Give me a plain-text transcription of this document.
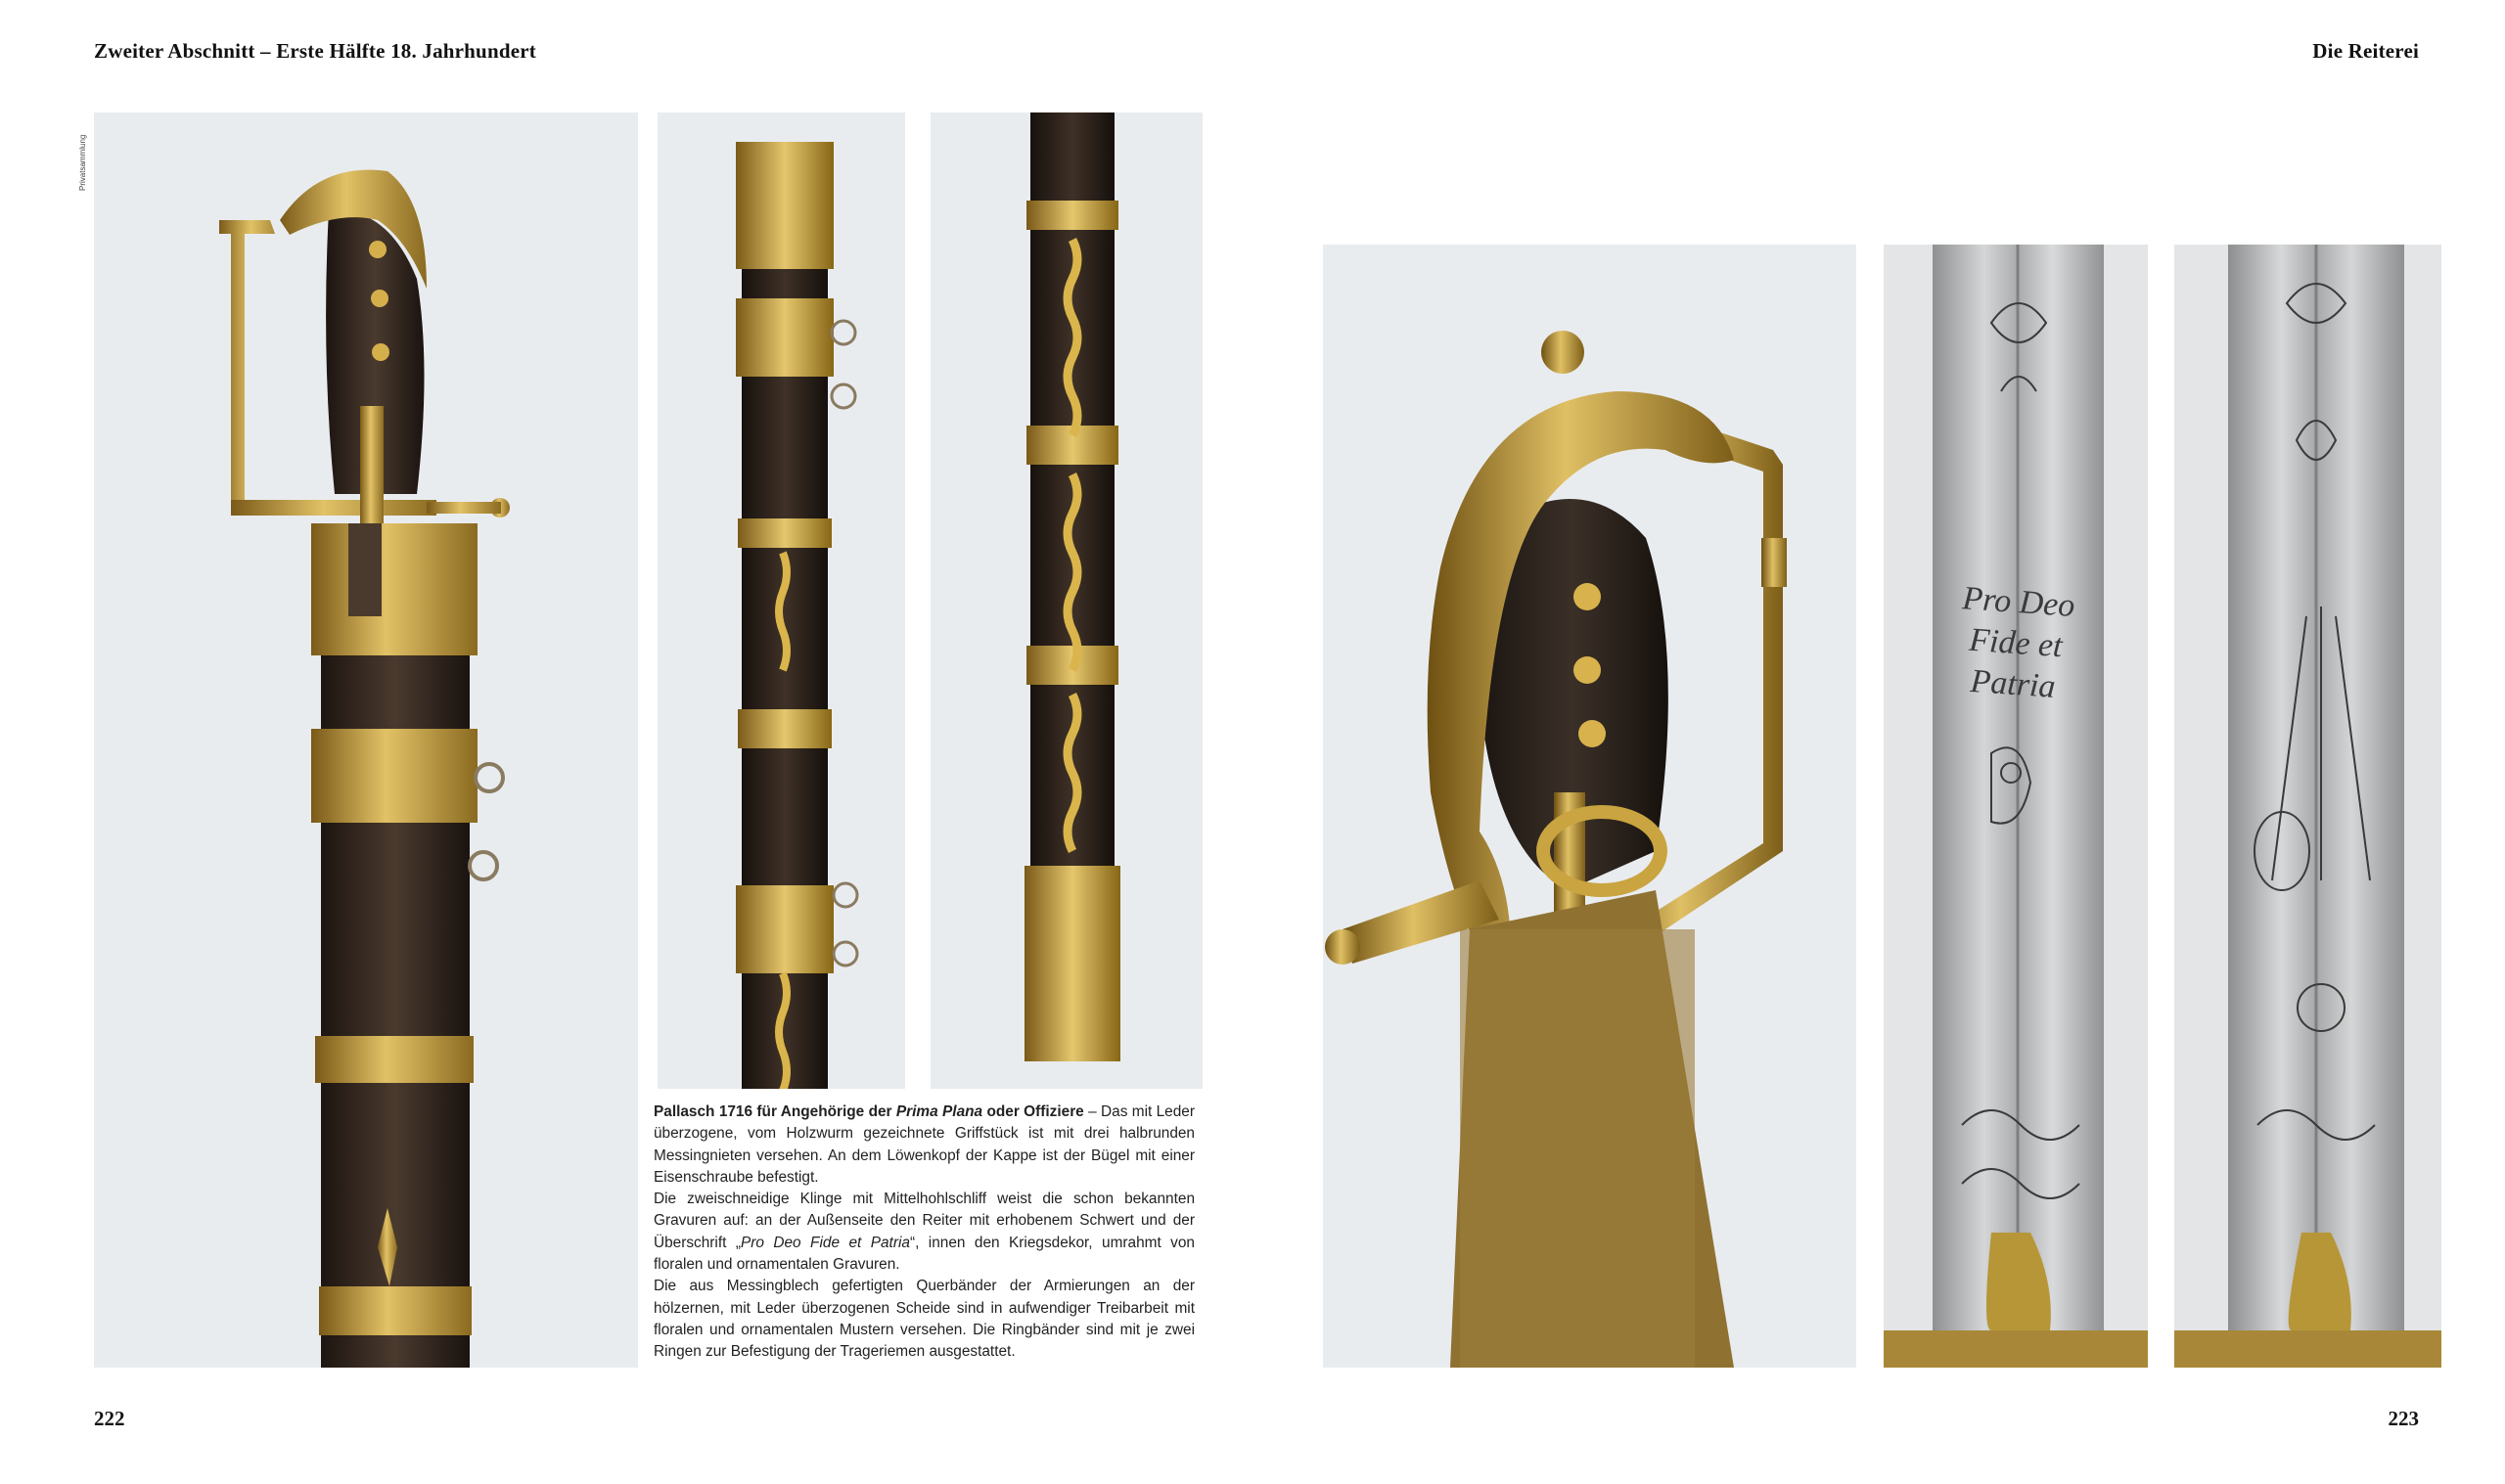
Zweiter Abschnitt – Erste Hälfte 18. Jahrhundert	Die Reiterei
Privatsammlung

Pallasch 1716 für Angehörige der Prima Plana oder Offiziere – Das mit Leder überzogene, vom Holzwurm gezeichnete Griffstück ist mit drei halbrunden Messingnieten versehen. An dem Löwenkopf der Kappe ist der Bügel mit einer Eisenschraube befestigt.

Die zweischneidige Klinge mit Mittelhohlschliff weist die schon bekannten Gravuren auf: an der Außenseite den Reiter mit erhobenem Schwert und der Überschrift „Pro Deo Fide et Patria“, innen den Kriegsdekor, umrahmt von floralen und ornamentalen Gravuren.

Die aus Messingblech gefertigten Querbänder der Armierungen an der hölzernen, mit Leder überzogenen Scheide sind in aufwendiger Treibarbeit mit floralen und ornamentalen Mustern versehen. Die Ringbänder sind mit je zwei Ringen zur Befestigung der Trageriemen ausgestattet.

222
Pro Deo
Fide et
Patria
223
